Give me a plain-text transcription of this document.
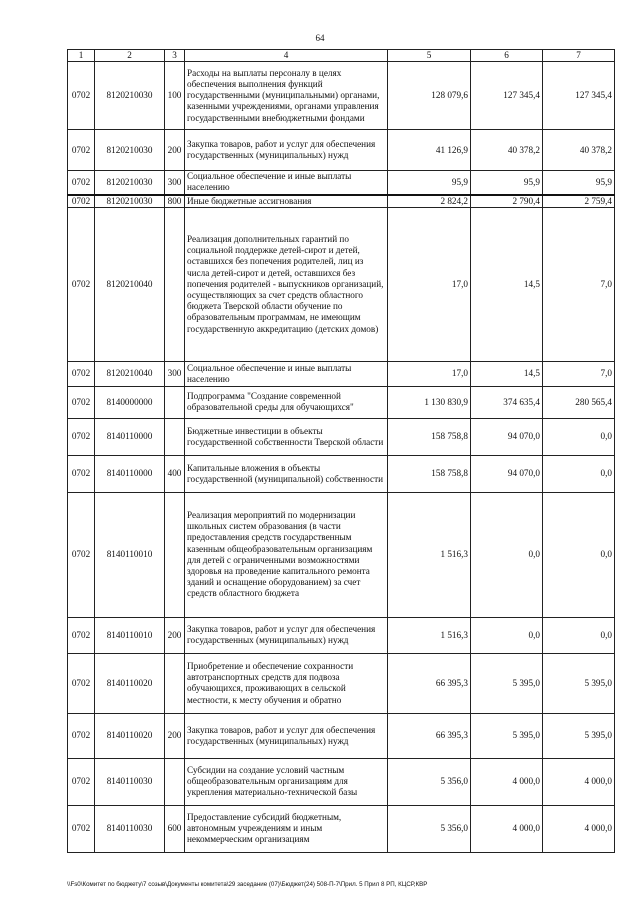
64
1	2	3	4	5	6	7
0702	8120210030	100	Расходы на выплаты персоналу в целях обеспечения выполнения функций государственными (муниципальными) органами, казенными учреждениями, органами управления государственными внебюджетными фондами	128 079,6	127 345,4	127 345,4
0702	8120210030	200	Закупка товаров, работ и услуг для обеспечения государственных (муниципальных) нужд	41 126,9	40 378,2	40 378,2
0702	8120210030	300	Социальное обеспечение и иные выплаты населению	95,9	95,9	95,9
0702	8120210030	800	Иные бюджетные ассигнования	2 824,2	2 790,4	2 759,4
0702	8120210040		Реализация дополнительных гарантий по социальной поддержке детей-сирот и детей, оставшихся без попечения родителей, лиц из числа детей-сирот и детей, оставшихся без попечения родителей - выпускников организаций, осуществляющих за счет средств областного бюджета Тверской области обучение по образовательным программам, не имеющим государственную аккредитацию (детских домов)	17,0	14,5	7,0
0702	8120210040	300	Социальное обеспечение и иные выплаты населению	17,0	14,5	7,0
0702	8140000000		Подпрограмма "Создание современной образовательной среды для обучающихся"	1 130 830,9	374 635,4	280 565,4
0702	8140110000		Бюджетные инвестиции в объекты государственной собственности Тверской области	158 758,8	94 070,0	0,0
0702	8140110000	400	Капитальные вложения в объекты государственной (муниципальной) собственности	158 758,8	94 070,0	0,0
0702	8140110010		Реализация мероприятий по модернизации школьных систем образования (в части предоставления средств государственным казенным общеобразовательным организациям для детей с ограниченными возможностями здоровья на проведение капитального ремонта зданий и оснащение оборудованием) за счет средств областного бюджета	1 516,3	0,0	0,0
0702	8140110010	200	Закупка товаров, работ и услуг для обеспечения государственных (муниципальных) нужд	1 516,3	0,0	0,0
0702	8140110020		Приобретение и обеспечение сохранности автотранспортных средств для подвоза обучающихся, проживающих в сельской местности, к месту обучения и обратно	66 395,3	5 395,0	5 395,0
0702	8140110020	200	Закупка товаров, работ и услуг для обеспечения государственных (муниципальных) нужд	66 395,3	5 395,0	5 395,0
0702	8140110030		Субсидии на создание условий частным общеобразовательным организациям для укрепления материально-технической базы	5 356,0	4 000,0	4 000,0
0702	8140110030	600	Предоставление субсидий бюджетным, автономным учреждениям и иным некоммерческим организациям	5 356,0	4 000,0	4 000,0
\\Fs0\Комитет по бюджету\7 созыв\Документы комитета\29 заседание (07)\Бюджет(24) 508-П-7\Прил. 5 Прил 8 РП, КЦСР,КВР
